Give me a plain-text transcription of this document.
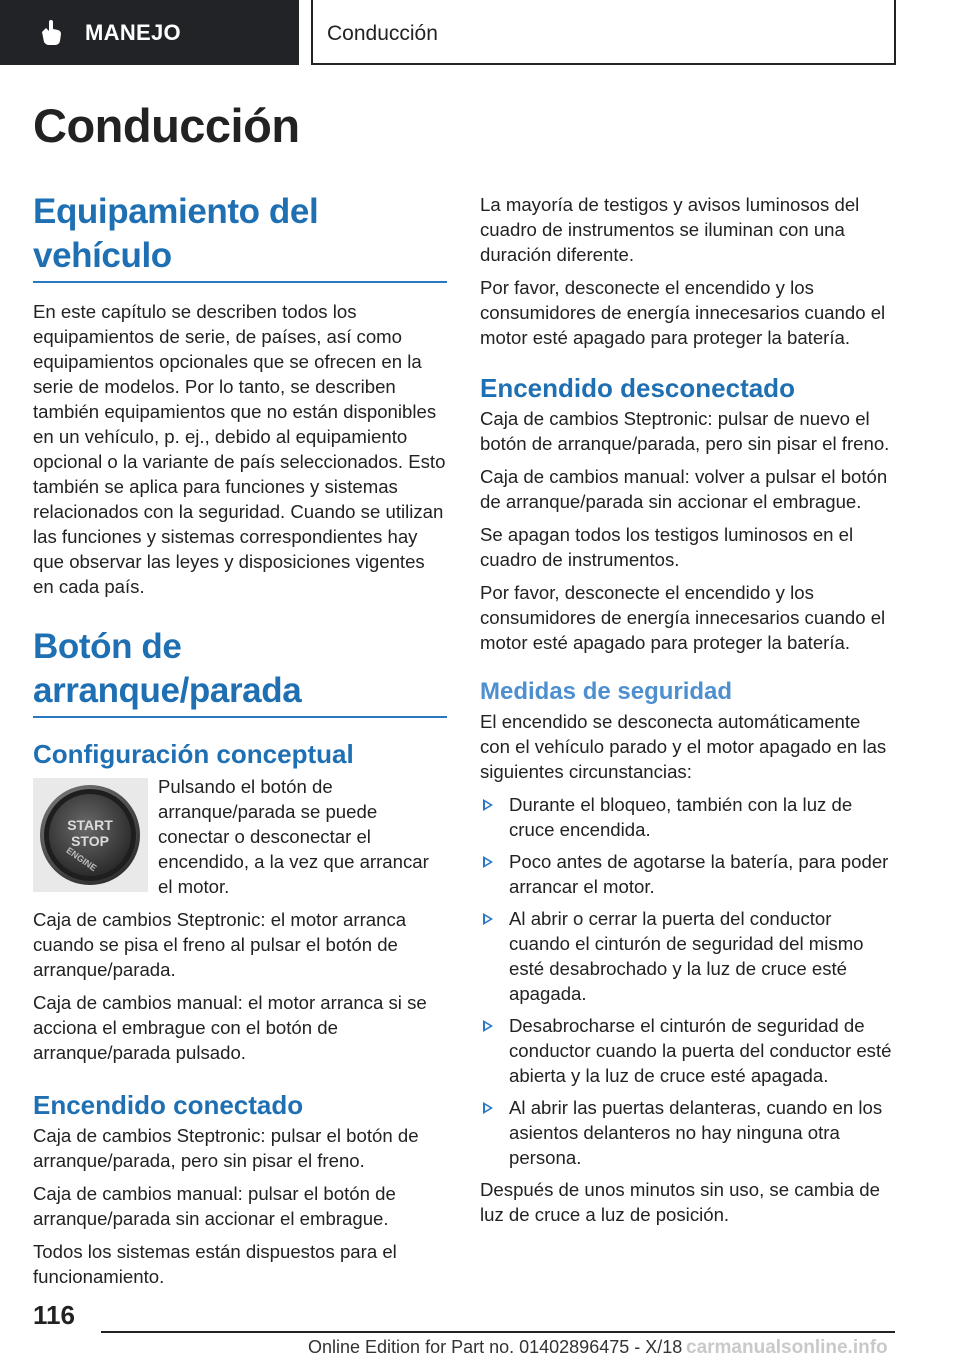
MANEJO	Conducción
Conducción
Equipamiento del vehículo

En este capítulo se describen todos los equipamientos de serie, de países, así como equipamientos opcionales que se ofrecen en la serie de modelos. Por lo tanto, se describen también equipamientos que no están disponibles en un vehículo, p. ej., debido al equipamiento opcional o la variante de país seleccionados. Esto también se aplica para funciones y sistemas relacionados con la seguridad. Cuando se utilizan las funciones y sistemas correspondientes hay que observar las leyes y disposiciones vigentes en cada país.

Botón de arranque/parada
Configuración conceptual
START
STOP
ENGINE

Pulsando el botón de arranque/parada se puede conectar o desconectar el encendido, a la vez que arrancar el motor.

Caja de cambios Steptronic: el motor arranca cuando se pisa el freno al pulsar el botón de arranque/parada.

Caja de cambios manual: el motor arranca si se acciona el embrague con el botón de arranque/parada pulsado.

Encendido conectado

Caja de cambios Steptronic: pulsar el botón de arranque/parada, pero sin pisar el freno.

Caja de cambios manual: pulsar el botón de arranque/parada sin accionar el embrague.

Todos los sistemas están dispuestos para el funcionamiento.

La mayoría de testigos y avisos luminosos del cuadro de instrumentos se iluminan con una duración diferente.

Por favor, desconecte el encendido y los consumidores de energía innecesarios cuando el motor esté apagado para proteger la batería.

Encendido desconectado

Caja de cambios Steptronic: pulsar de nuevo el botón de arranque/parada, pero sin pisar el freno.

Caja de cambios manual: volver a pulsar el botón de arranque/parada sin accionar el embrague.

Se apagan todos los testigos luminosos en el cuadro de instrumentos.

Por favor, desconecte el encendido y los consumidores de energía innecesarios cuando el motor esté apagado para proteger la batería.

Medidas de seguridad

El encendido se desconecta automáticamente con el vehículo parado y el motor apagado en las siguientes circunstancias:

Durante el bloqueo, también con la luz de cruce encendida.
Poco antes de agotarse la batería, para poder arrancar el motor.
Al abrir o cerrar la puerta del conductor cuando el cinturón de seguridad del mismo esté desabrochado y la luz de cruce esté apagada.
Desabrocharse el cinturón de seguridad de conductor cuando la puerta del conductor esté abierta y la luz de cruce esté apagada.
Al abrir las puertas delanteras, cuando en los asientos delanteros no hay ninguna otra persona.

Después de unos minutos sin uso, se cambia de luz de cruce a luz de posición.

116
Online Edition for Part no. 01402896475 - X/18 carmanualsonline.info
